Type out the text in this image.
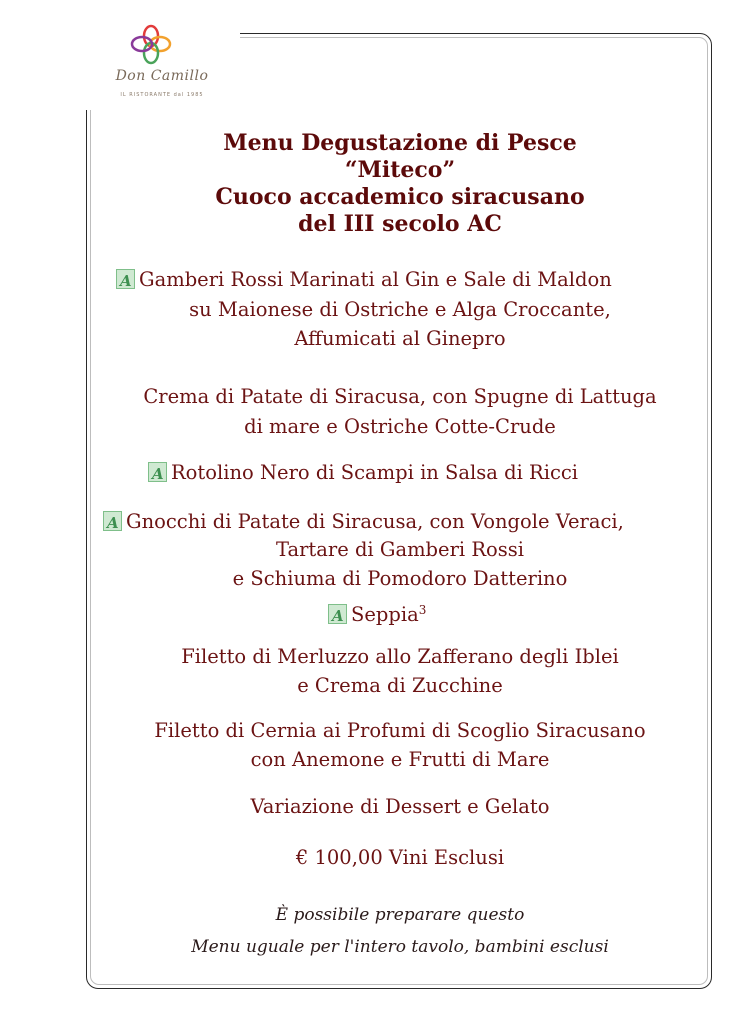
Don Camillo
IL RISTORANTE dal 1985
Menu Degustazione di Pesce
“Miteco”
Cuoco accademico siracusano
del III secolo AC
AGamberi Rossi Marinati al Gin e Sale di Maldon
su Maionese di Ostriche e Alga Croccante,
Affumicati al Ginepro
Crema di Patate di Siracusa, con Spugne di Lattuga
di mare e Ostriche Cotte-Crude
ARotolino Nero di Scampi in Salsa di Ricci
AGnocchi di Patate di Siracusa, con Vongole Veraci,
Tartare di Gamberi Rossi
e Schiuma di Pomodoro Datterino
ASeppia$^3$
Filetto di Merluzzo allo Zafferano degli Iblei
e Crema di Zucchine
Filetto di Cernia ai Profumi di Scoglio Siracusano
con Anemone e Frutti di Mare
Variazione di Dessert e Gelato
€ 100,00 Vini Esclusi
È possibile preparare questo
Menu uguale per l'intero tavolo, bambini esclusi
